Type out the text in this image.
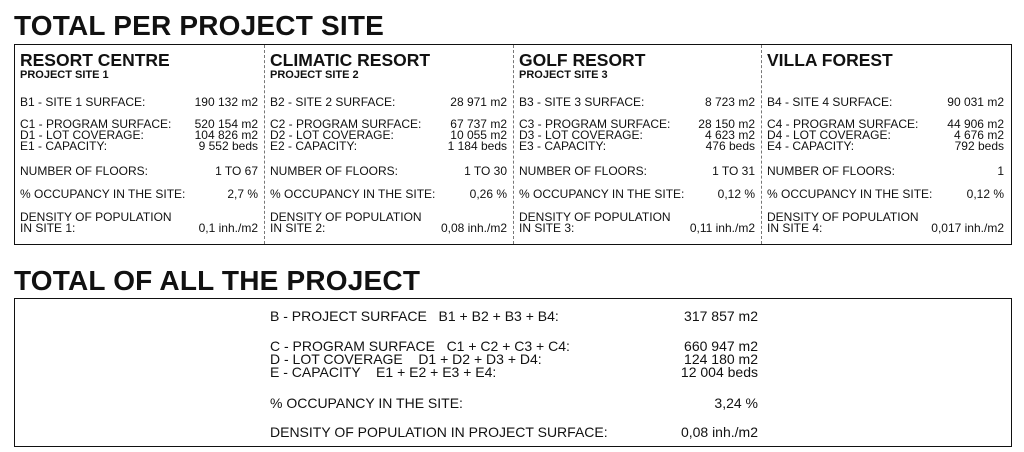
TOTAL PER PROJECT SITE
RESORT CENTRE
PROJECT SITE 1
B1 - SITE 1 SURFACE:	190 132 m2
C1 - PROGRAM SURFACE: 520 154 m2
D1 - LOT COVERAGE:	104 826 m2
E1 - CAPACITY:	9 552 beds
NUMBER OF FLOORS:	1 TO 67
% OCCUPANCY IN THE SITE:	2,7 %
DENSITY OF POPULATION
IN SITE 1:	0,1 inh./m2
CLIMATIC RESORT
PROJECT SITE 2
B2 - SITE 2 SURFACE:	28 971 m2
C2 - PROGRAM SURFACE: 67 737 m2
D2 - LOT COVERAGE:	10 055 m2
E2 - CAPACITY:	1 184 beds
NUMBER OF FLOORS:	1 TO 30
% OCCUPANCY IN THE SITE:	0,26 %
DENSITY OF POPULATION
IN SITE 2:	0,08 inh./m2
GOLF RESORT
PROJECT SITE 3
B3 - SITE 3 SURFACE:	8 723 m2
C3 - PROGRAM SURFACE: 28 150 m2
D3 - LOT COVERAGE:	4 623 m2
E3 - CAPACITY:	476 beds
NUMBER OF FLOORS:	1 TO 31
% OCCUPANCY IN THE SITE:	0,12 %
DENSITY OF POPULATION
IN SITE 3:	0,11 inh./m2
VILLA FOREST
B4 - SITE 4 SURFACE:	90 031 m2
C4 - PROGRAM SURFACE: 44 906 m2
D4 - LOT COVERAGE:	4 676 m2
E4 - CAPACITY:	792 beds
NUMBER OF FLOORS:	1
% OCCUPANCY IN THE SITE:	0,12 %
DENSITY OF POPULATION
IN SITE 4:	0,017 inh./m2
TOTAL OF ALL THE PROJECT
B - PROJECT SURFACE   B1 + B2 + B3 + B4:	317 857 m2
C - PROGRAM SURFACE   C1 + C2 + C3 + C4:	660 947 m2
D - LOT COVERAGE    D1 + D2 + D3 + D4:	124 180 m2
E - CAPACITY    E1 + E2 + E3 + E4:	12 004 beds
% OCCUPANCY IN THE SITE:	3,24 %
DENSITY OF POPULATION IN PROJECT SURFACE:	0,08 inh./m2
